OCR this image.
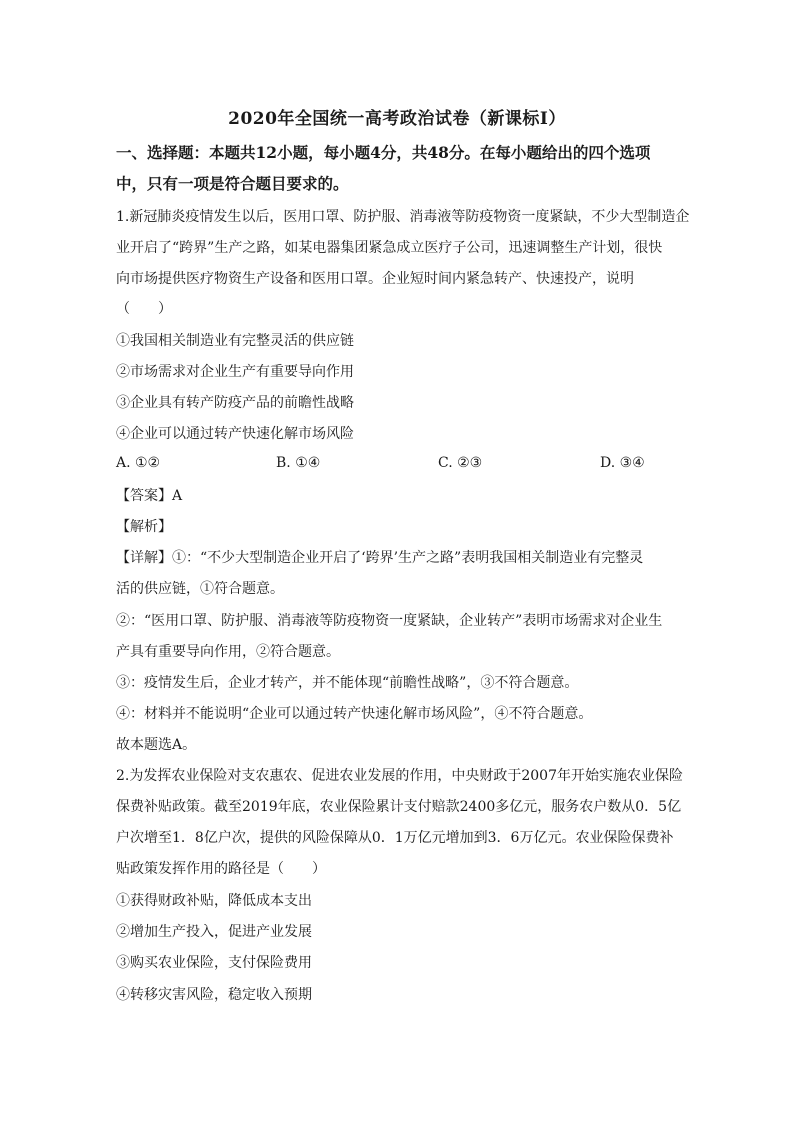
2020年全国统一高考政治试卷（新课标Ⅰ）
一、选择题：本题共12小题，每小题4分，共48分。在每小题给出的四个选项
中，只有一项是符合题目要求的。
1.新冠肺炎疫情发生以后，医用口罩、防护服、消毒液等防疫物资一度紧缺，不少大型制造企
业开启了“跨界”生产之路，如某电器集团紧急成立医疗子公司，迅速调整生产计划，很快
向市场提供医疗物资生产设备和医用口罩。企业短时间内紧急转产、快速投产，说明
（　　）
①我国相关制造业有完整灵活的供应链
②市场需求对企业生产有重要导向作用
③企业具有转产防疫产品的前瞻性战略
④企业可以通过转产快速化解市场风险
A. ①②	B. ①④	C. ②③	D. ③④
【答案】A
【解析】
【详解】①：“不少大型制造企业开启了‘跨界’生产之路”表明我国相关制造业有完整灵
活的供应链，①符合题意。
②：“医用口罩、防护服、消毒液等防疫物资一度紧缺，企业转产”表明市场需求对企业生
产具有重要导向作用，②符合题意。
③：疫情发生后，企业才转产，并不能体现“前瞻性战略”，③不符合题意。
④：材料并不能说明“企业可以通过转产快速化解市场风险”，④不符合题意。
故本题选A。
2.为发挥农业保险对支农惠农、促进农业发展的作用，中央财政于2007年开始实施农业保险
保费补贴政策。截至2019年底，农业保险累计支付赔款2400多亿元，服务农户数从0．5亿
户次增至1．8亿户次，提供的风险保障从0．1万亿元增加到3．6万亿元。农业保险保费补
贴政策发挥作用的路径是（　　）
①获得财政补贴，降低成本支出
②增加生产投入，促进产业发展
③购买农业保险，支付保险费用
④转移灾害风险，稳定收入预期
